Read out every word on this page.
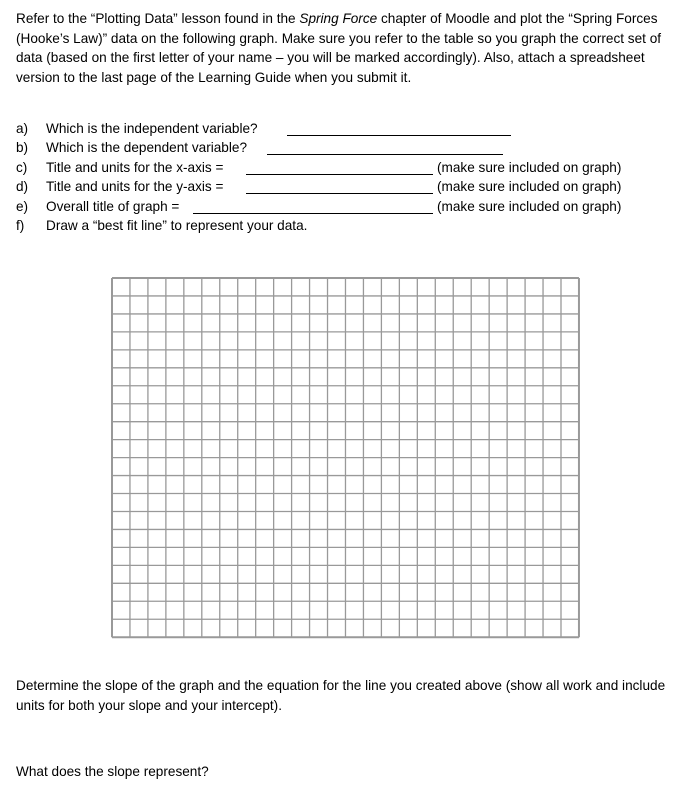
Refer to the “Plotting Data” lesson found in the Spring Force chapter of Moodle and plot the “Spring Forces (Hooke’s Law)” data on the following graph. Make sure you refer to the table so you graph the correct set of data (based on the first letter of your name – you will be marked accordingly). Also, attach a spreadsheet version to the last page of the Learning Guide when you submit it.
a) Which is the independent variable?
b) Which is the dependent variable?
c) Title and units for the x-axis =	(make sure included on graph)
d) Title and units for the y-axis =	(make sure included on graph)
e) Overall title of graph =	(make sure included on graph)
f) Draw a “best fit line” to represent your data.
Determine the slope of the graph and the equation for the line you created above (show all work and include units for both your slope and your intercept).
What does the slope represent?
